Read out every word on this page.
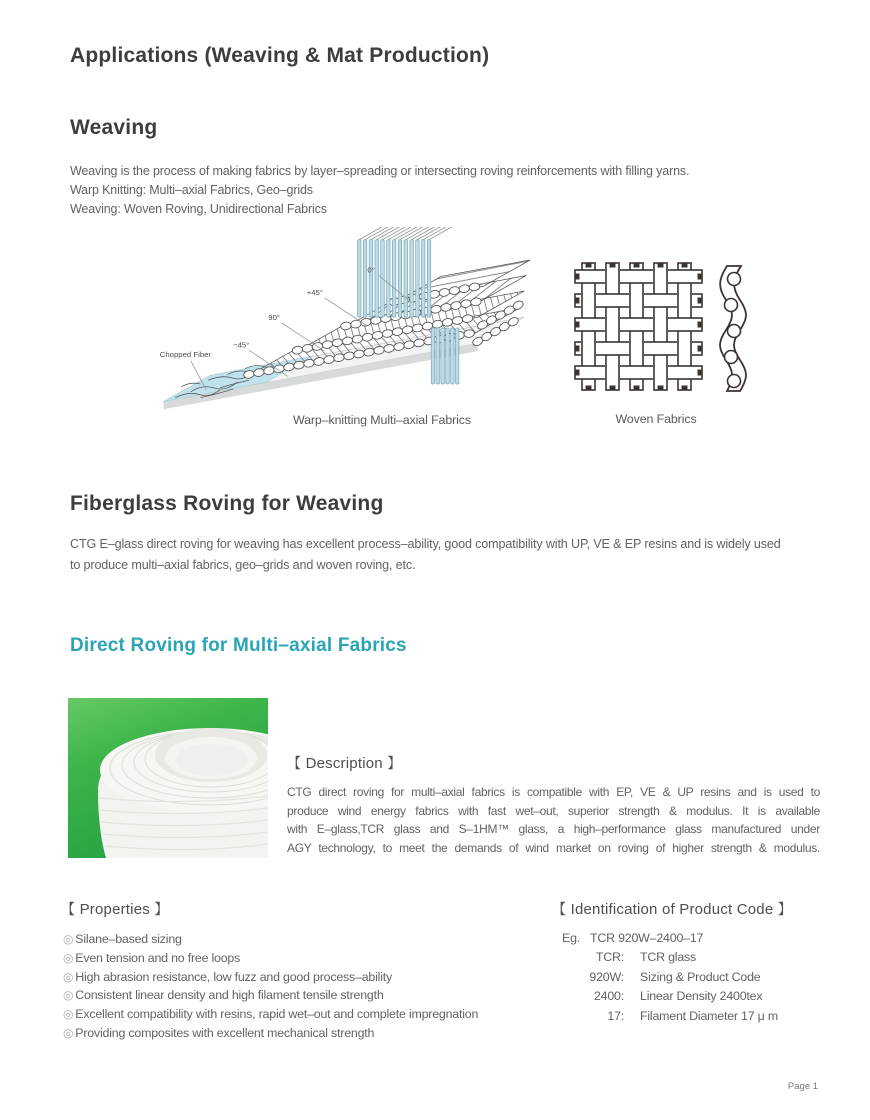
Applications (Weaving & Mat Production)
Weaving
Weaving is the process of making fabrics by layer–spreading or intersecting roving reinforcements with filling yarns.
Warp Knitting: Multi–axial Fabrics, Geo–grids
Weaving: Woven Roving, Unidirectional Fabrics
0°
+45°
90°
−45°
Chopped Fiber
Warp–knitting Multi–axial Fabrics	Woven Fabrics
Fiberglass Roving for Weaving
CTG E–glass direct roving for weaving has excellent process–ability, good compatibility with UP, VE & EP resins and is widely used
to produce multi–axial fabrics, geo–grids and woven roving, etc.
Direct Roving for Multi–axial Fabrics
【 Description 】
CTG direct roving for multi–axial fabrics is compatible with EP, VE & UP resins and is used to
produce wind energy fabrics with fast wet–out, superior strength & modulus. It is available
with E–glass,TCR glass and S–1HM™ glass, a high–performance glass manufactured under
AGY technology, to meet the demands of wind market on roving of higher strength & modulus.
【 Properties 】
◎ Silane–based sizing
◎ Even tension and no free loops
◎ High abrasion resistance, low fuzz and good process–ability
◎ Consistent linear density and high filament tensile strength
◎ Excellent compatibility with resins, rapid wet–out and complete impregnation
◎ Providing composites with excellent mechanical strength
【 Identification of Product Code 】
Eg. TCR 920W–2400–17
TCR: TCR glass
920W: Sizing & Product Code
2400: Linear Density 2400tex
17: Filament Diameter 17 μ m
Page 1
